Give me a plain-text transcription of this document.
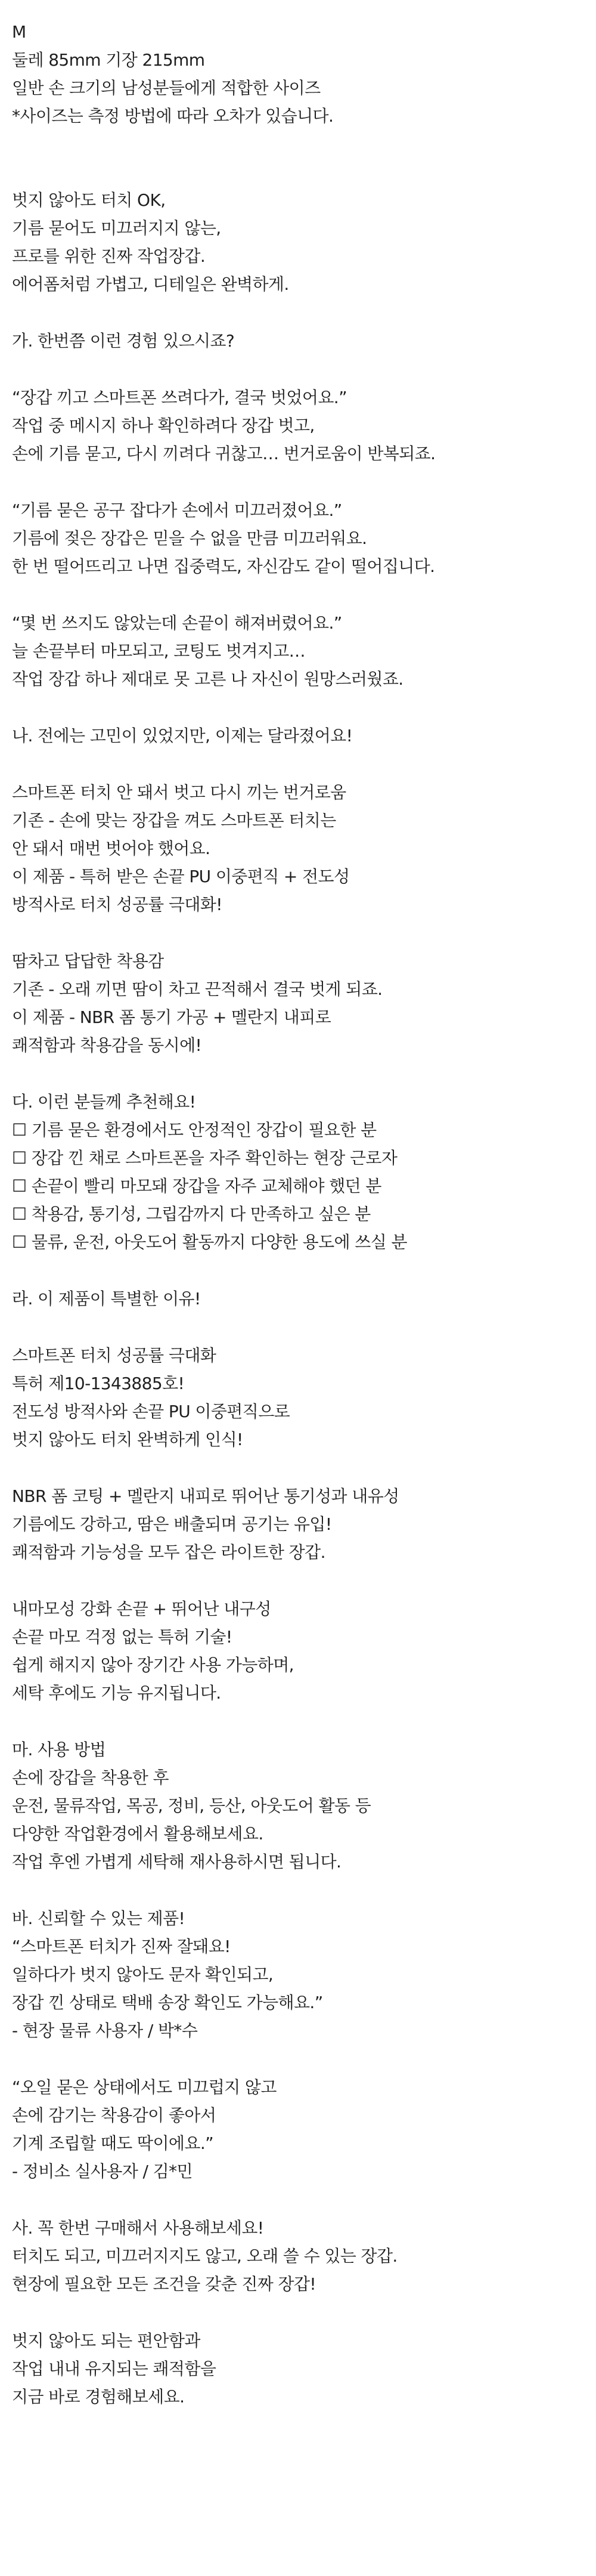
M
둘레 85mm 기장 215mm
일반 손 크기의 남성분들에게 적합한 사이즈
*사이즈는 측정 방법에 따라 오차가 있습니다.
벗지 않아도 터치 OK,
기름 묻어도 미끄러지지 않는,
프로를 위한 진짜 작업장갑.
에어폼처럼 가볍고, 디테일은 완벽하게.
가. 한번쯤 이런 경험 있으시죠?
“장갑 끼고 스마트폰 쓰려다가, 결국 벗었어요.”
작업 중 메시지 하나 확인하려다 장갑 벗고,
손에 기름 묻고, 다시 끼려다 귀찮고… 번거로움이 반복되죠.
“기름 묻은 공구 잡다가 손에서 미끄러졌어요.”
기름에 젖은 장갑은 믿을 수 없을 만큼 미끄러워요.
한 번 떨어뜨리고 나면 집중력도, 자신감도 같이 떨어집니다.
“몇 번 쓰지도 않았는데 손끝이 해져버렸어요.”
늘 손끝부터 마모되고, 코팅도 벗겨지고…
작업 장갑 하나 제대로 못 고른 나 자신이 원망스러웠죠.
나. 전에는 고민이 있었지만, 이제는 달라졌어요!
스마트폰 터치 안 돼서 벗고 다시 끼는 번거로움
기존 - 손에 맞는 장갑을 껴도 스마트폰 터치는
안 돼서 매번 벗어야 했어요.
이 제품 - 특허 받은 손끝 PU 이중편직 + 전도성
방적사로 터치 성공률 극대화!
땀차고 답답한 착용감
기존 - 오래 끼면 땀이 차고 끈적해서 결국 벗게 되죠.
이 제품 - NBR 폼 통기 가공 + 멜란지 내피로
쾌적함과 착용감을 동시에!
다. 이런 분들께 추천해요!
☐ 기름 묻은 환경에서도 안정적인 장갑이 필요한 분
☐ 장갑 낀 채로 스마트폰을 자주 확인하는 현장 근로자
☐ 손끝이 빨리 마모돼 장갑을 자주 교체해야 했던 분
☐ 착용감, 통기성, 그립감까지 다 만족하고 싶은 분
☐ 물류, 운전, 아웃도어 활동까지 다양한 용도에 쓰실 분
라. 이 제품이 특별한 이유!
스마트폰 터치 성공률 극대화
특허 제10-1343885호!
전도성 방적사와 손끝 PU 이중편직으로
벗지 않아도 터치 완벽하게 인식!
NBR 폼 코팅 + 멜란지 내피로 뛰어난 통기성과 내유성
기름에도 강하고, 땀은 배출되며 공기는 유입!
쾌적함과 기능성을 모두 잡은 라이트한 장갑.
내마모성 강화 손끝 + 뛰어난 내구성
손끝 마모 걱정 없는 특허 기술!
쉽게 해지지 않아 장기간 사용 가능하며,
세탁 후에도 기능 유지됩니다.
마. 사용 방법
손에 장갑을 착용한 후
운전, 물류작업, 목공, 정비, 등산, 아웃도어 활동 등
다양한 작업환경에서 활용해보세요.
작업 후엔 가볍게 세탁해 재사용하시면 됩니다.
바. 신뢰할 수 있는 제품!
“스마트폰 터치가 진짜 잘돼요!
일하다가 벗지 않아도 문자 확인되고,
장갑 낀 상태로 택배 송장 확인도 가능해요.”
- 현장 물류 사용자 / 박*수
“오일 묻은 상태에서도 미끄럽지 않고
손에 감기는 착용감이 좋아서
기계 조립할 때도 딱이에요.”
- 정비소 실사용자 / 김*민
사. 꼭 한번 구매해서 사용해보세요!
터치도 되고, 미끄러지지도 않고, 오래 쓸 수 있는 장갑.
현장에 필요한 모든 조건을 갖춘 진짜 장갑!
벗지 않아도 되는 편안함과
작업 내내 유지되는 쾌적함을
지금 바로 경험해보세요.
